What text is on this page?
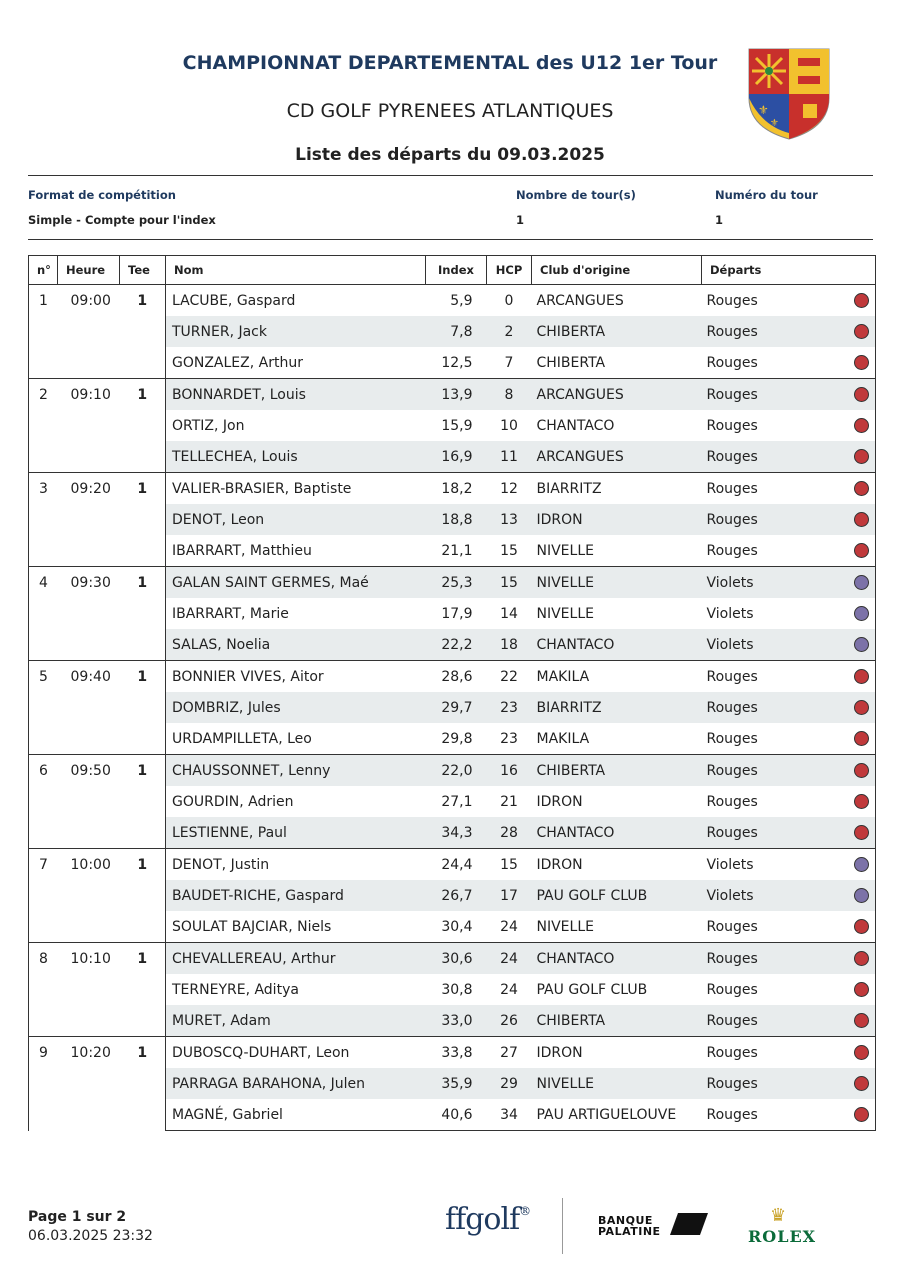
CHAMPIONNAT DEPARTEMENTAL des U12 1er Tour
CD GOLF PYRENEES ATLANTIQUES
Liste des départs du 09.03.2025
⚜
⚜
Format de compétition
Simple - Compte pour l'index
Nombre de tour(s)
1
Numéro du tour
1
n°	Heure	Tee	Nom	Index	HCP	Club d'origine	Départs	
1	09:00	1	LACUBE, Gaspard	5,9	0	ARCANGUES	Rouges	
			TURNER, Jack	7,8	2	CHIBERTA	Rouges	
			GONZALEZ, Arthur	12,5	7	CHIBERTA	Rouges	
2	09:10	1	BONNARDET, Louis	13,9	8	ARCANGUES	Rouges	
			ORTIZ, Jon	15,9	10	CHANTACO	Rouges	
			TELLECHEA, Louis	16,9	11	ARCANGUES	Rouges	
3	09:20	1	VALIER-BRASIER, Baptiste	18,2	12	BIARRITZ	Rouges	
			DENOT, Leon	18,8	13	IDRON	Rouges	
			IBARRART, Matthieu	21,1	15	NIVELLE	Rouges	
4	09:30	1	GALAN SAINT GERMES, Maé	25,3	15	NIVELLE	Violets	
			IBARRART, Marie	17,9	14	NIVELLE	Violets	
			SALAS, Noelia	22,2	18	CHANTACO	Violets	
5	09:40	1	BONNIER VIVES, Aitor	28,6	22	MAKILA	Rouges	
			DOMBRIZ, Jules	29,7	23	BIARRITZ	Rouges	
			URDAMPILLETA, Leo	29,8	23	MAKILA	Rouges	
6	09:50	1	CHAUSSONNET, Lenny	22,0	16	CHIBERTA	Rouges	
			GOURDIN, Adrien	27,1	21	IDRON	Rouges	
			LESTIENNE, Paul	34,3	28	CHANTACO	Rouges	
7	10:00	1	DENOT, Justin	24,4	15	IDRON	Violets	
			BAUDET-RICHE, Gaspard	26,7	17	PAU GOLF CLUB	Violets	
			SOULAT BAJCIAR, Niels	30,4	24	NIVELLE	Rouges	
8	10:10	1	CHEVALLEREAU, Arthur	30,6	24	CHANTACO	Rouges	
			TERNEYRE, Aditya	30,8	24	PAU GOLF CLUB	Rouges	
			MURET, Adam	33,0	26	CHIBERTA	Rouges	
9	10:20	1	DUBOSCQ-DUHART, Leon	33,8	27	IDRON	Rouges	
			PARRAGA BARAHONA, Julen	35,9	29	NIVELLE	Rouges	
			MAGNÉ, Gabriel	40,6	34	PAU ARTIGUELOUVE	Rouges	
Page 1 sur 2
06.03.2025 23:32	ffgolf®
BANQUE
PALATINE
♛
ROLEX
